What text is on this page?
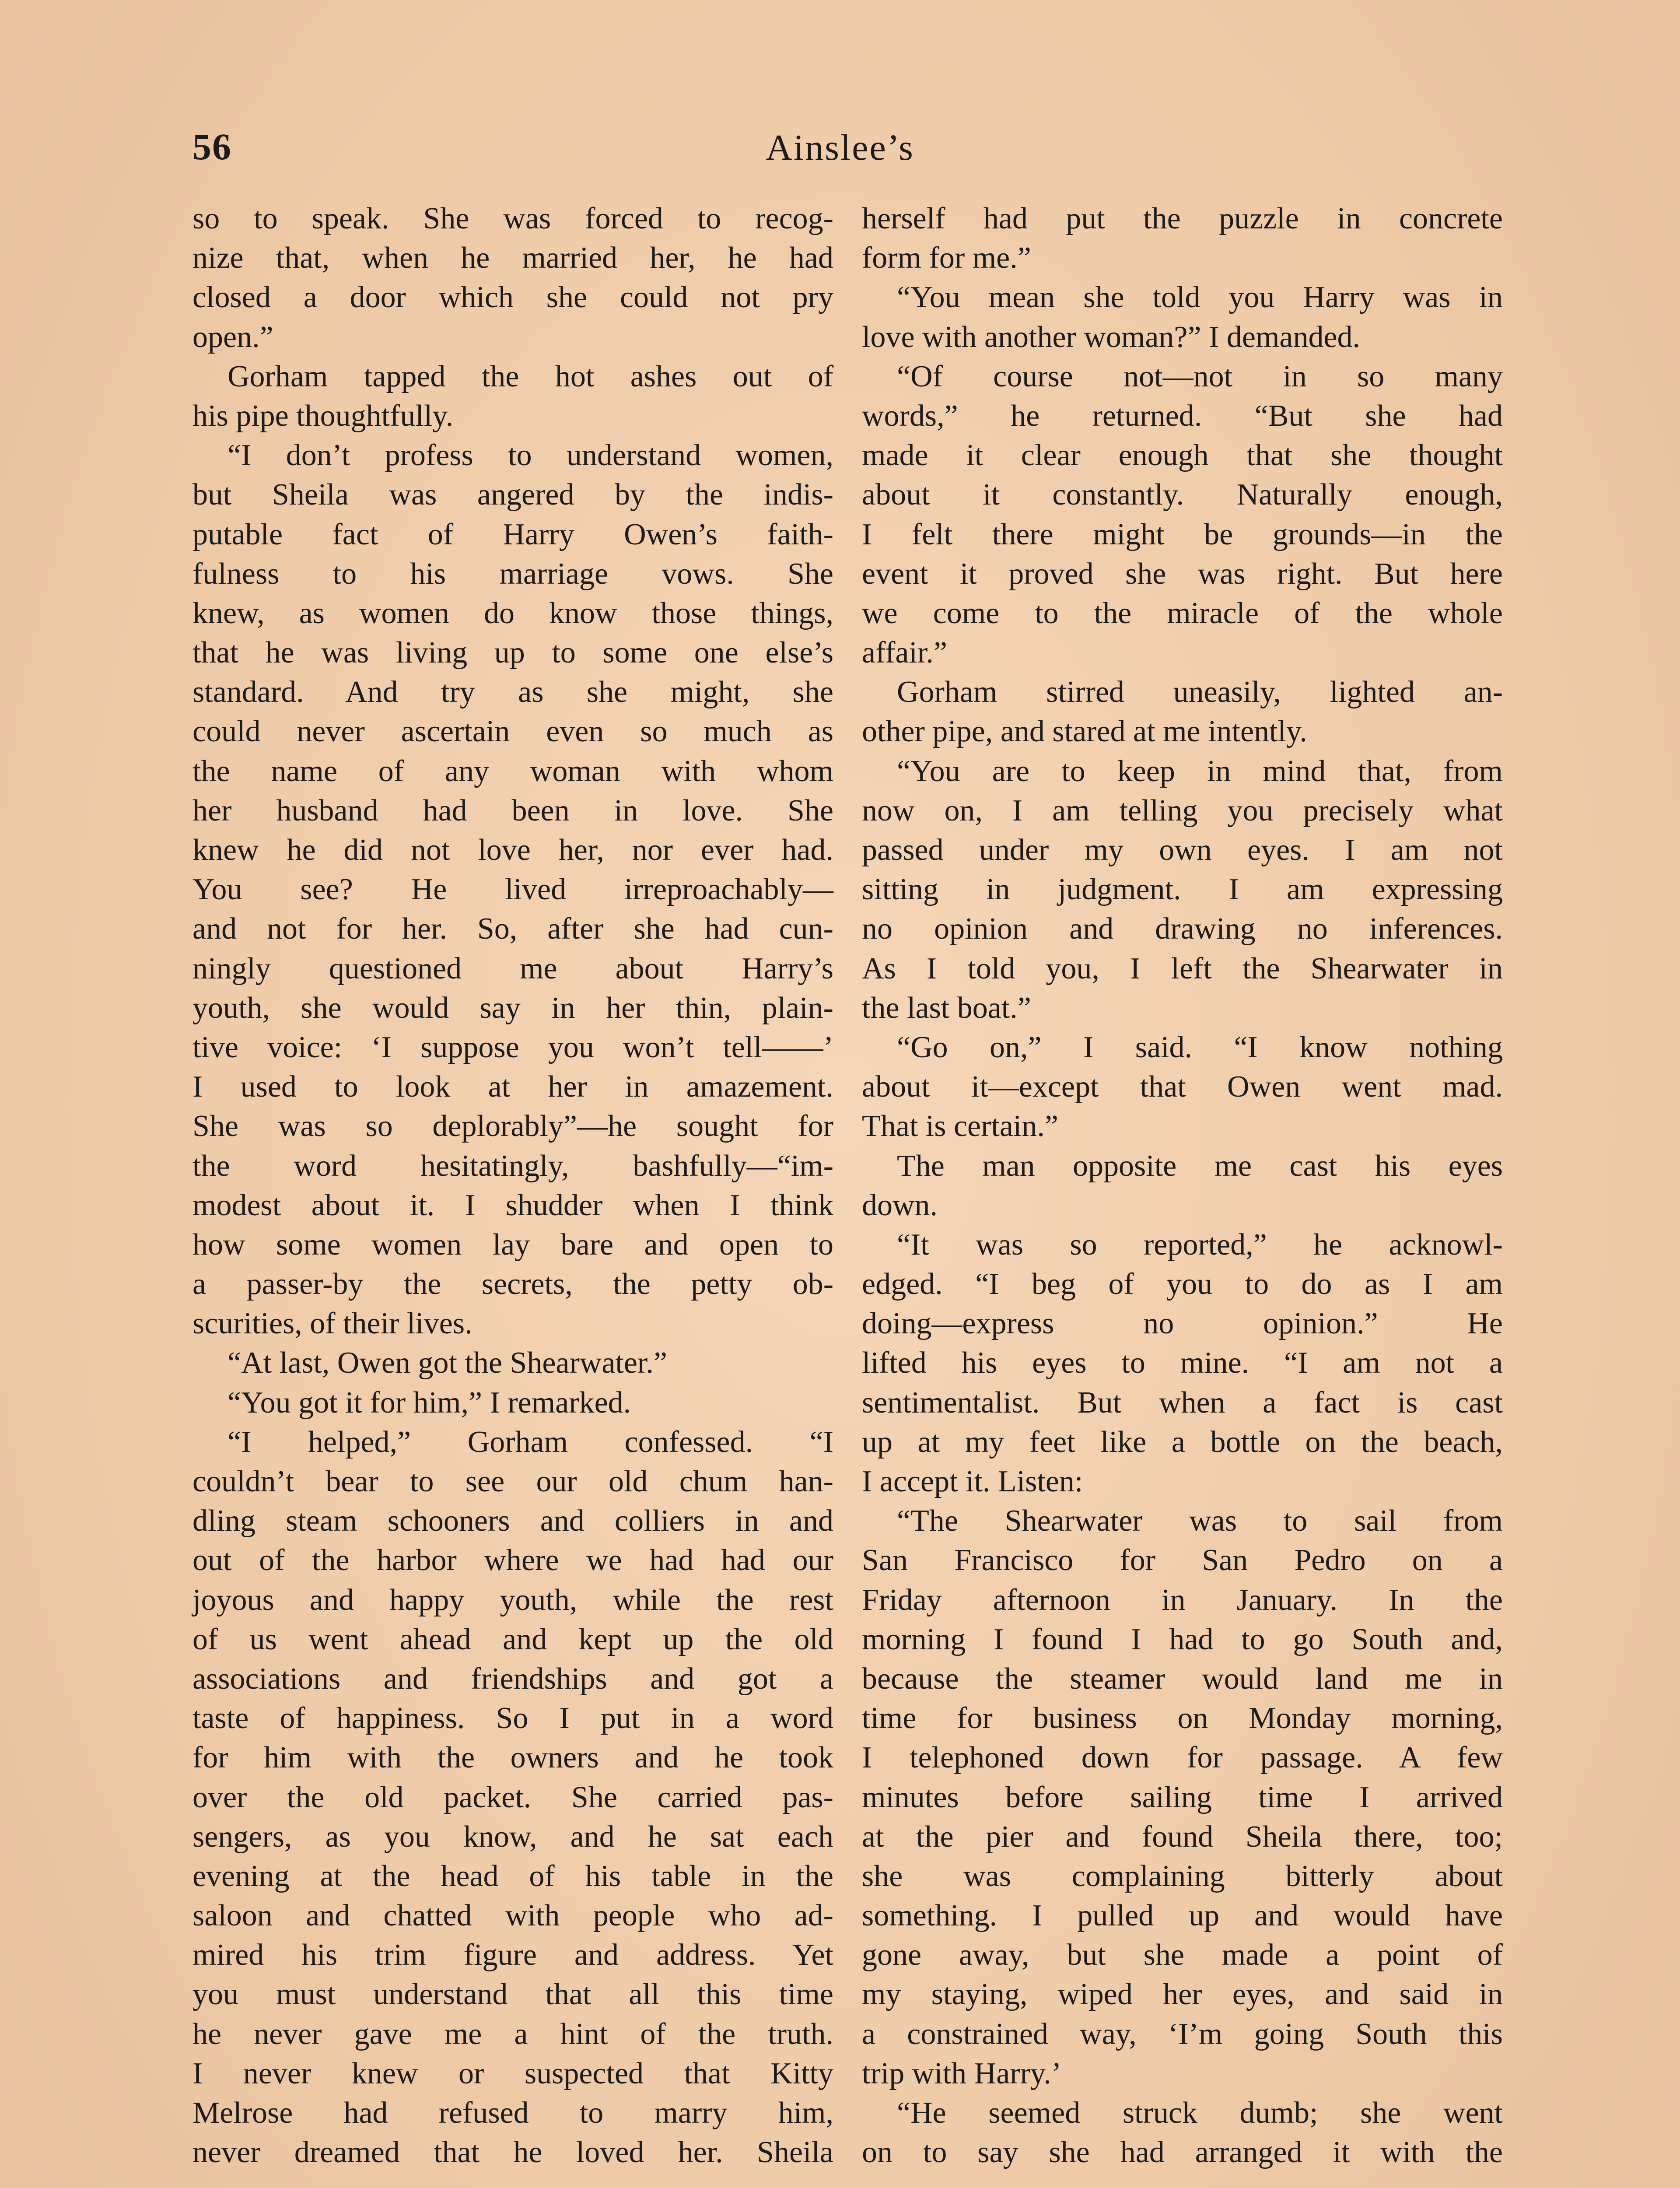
56	Ainslee’s
so to speak. She was forced to recog-
nize that, when he married her, he had
closed a door which she could not pry
open.”
Gorham tapped the hot ashes out of
his pipe thoughtfully.
“I don’t profess to understand women,
but Sheila was angered by the indis-
putable fact of Harry Owen’s faith-
fulness to his marriage vows. She
knew, as women do know those things,
that he was living up to some one else’s
standard. And try as she might, she
could never ascertain even so much as
the name of any woman with whom
her husband had been in love. She
knew he did not love her, nor ever had.
You see? He lived irreproachably—
and not for her. So, after she had cun-
ningly questioned me about Harry’s
youth, she would say in her thin, plain-
tive voice: ‘I suppose you won’t tell——’
I used to look at her in amazement.
She was so deplorably”—he sought for
the word hesitatingly, bashfully—“im-
modest about it. I shudder when I think
how some women lay bare and open to
a passer-by the secrets, the petty ob-
scurities, of their lives.
“At last, Owen got the Shearwater.”
“You got it for him,” I remarked.
“I helped,” Gorham confessed. “I
couldn’t bear to see our old chum han-
dling steam schooners and colliers in and
out of the harbor where we had had our
joyous and happy youth, while the rest
of us went ahead and kept up the old
associations and friendships and got a
taste of happiness. So I put in a word
for him with the owners and he took
over the old packet. She carried pas-
sengers, as you know, and he sat each
evening at the head of his table in the
saloon and chatted with people who ad-
mired his trim figure and address. Yet
you must understand that all this time
he never gave me a hint of the truth.
I never knew or suspected that Kitty
Melrose had refused to marry him,
never dreamed that he loved her. Sheila
herself had put the puzzle in concrete
form for me.”
“You mean she told you Harry was in
love with another woman?” I demanded.
“Of course not—not in so many
words,” he returned. “But she had
made it clear enough that she thought
about it constantly. Naturally enough,
I felt there might be grounds—in the
event it proved she was right. But here
we come to the miracle of the whole
affair.”
Gorham stirred uneasily, lighted an-
other pipe, and stared at me intently.
“You are to keep in mind that, from
now on, I am telling you precisely what
passed under my own eyes. I am not
sitting in judgment. I am expressing
no opinion and drawing no inferences.
As I told you, I left the Shearwater in
the last boat.”
“Go on,” I said. “I know nothing
about it—except that Owen went mad.
That is certain.”
The man opposite me cast his eyes
down.
“It was so reported,” he acknowl-
edged. “I beg of you to do as I am
doing—express no opinion.” He
lifted his eyes to mine. “I am not a
sentimentalist. But when a fact is cast
up at my feet like a bottle on the beach,
I accept it. Listen:
“The Shearwater was to sail from
San Francisco for San Pedro on a
Friday afternoon in January. In the
morning I found I had to go South and,
because the steamer would land me in
time for business on Monday morning,
I telephoned down for passage. A few
minutes before sailing time I arrived
at the pier and found Sheila there, too;
she was complaining bitterly about
something. I pulled up and would have
gone away, but she made a point of
my staying, wiped her eyes, and said in
a constrained way, ‘I’m going South this
trip with Harry.’
“He seemed struck dumb; she went
on to say she had arranged it with the
